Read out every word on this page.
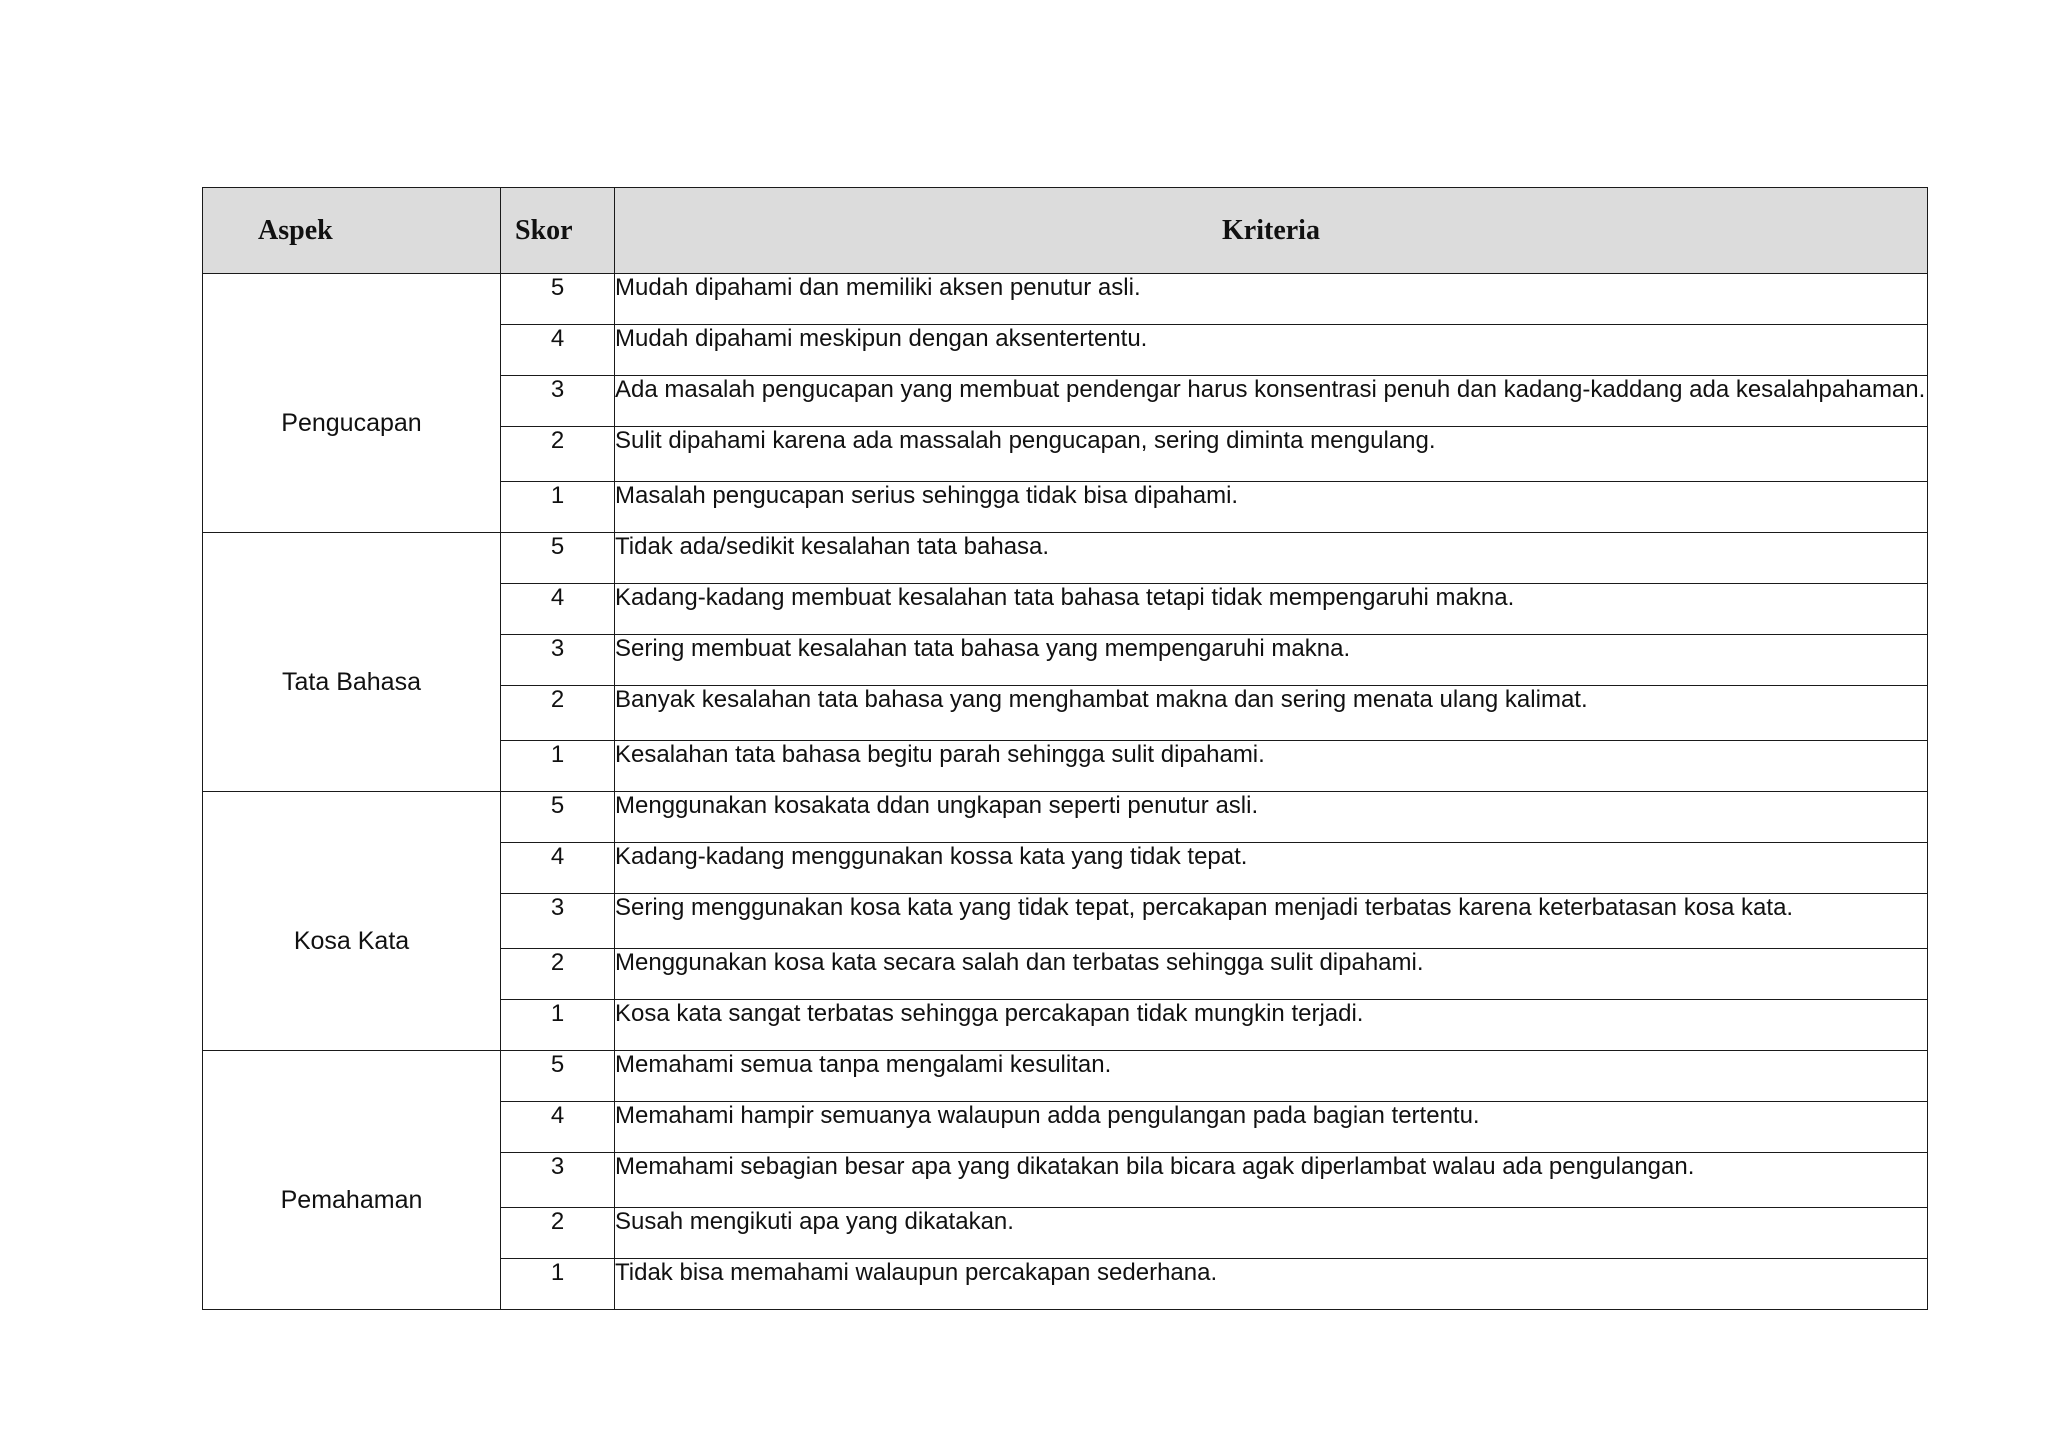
Aspek	Skor	Kriteria
Pengucapan	5	Mudah dipahami dan memiliki aksen penutur asli.
	4	Mudah dipahami meskipun dengan aksentertentu.
	3	Ada masalah pengucapan yang membuat pendengar harus konsentrasi penuh dan kadang-kaddang ada kesalahpahaman.
	2	Sulit dipahami karena ada massalah pengucapan, sering diminta mengulang.
	1	Masalah pengucapan serius sehingga tidak bisa dipahami.
Tata Bahasa	5	Tidak ada/sedikit kesalahan tata bahasa.
	4	Kadang-kadang membuat kesalahan tata bahasa tetapi tidak mempengaruhi makna.
	3	Sering membuat kesalahan tata bahasa yang mempengaruhi makna.
	2	Banyak kesalahan tata bahasa yang menghambat makna dan sering menata ulang kalimat.
	1	Kesalahan tata bahasa begitu parah sehingga sulit dipahami.
Kosa Kata	5	Menggunakan kosakata ddan ungkapan seperti penutur asli.
	4	Kadang-kadang menggunakan kossa kata yang tidak tepat.
	3	Sering menggunakan kosa kata yang tidak tepat, percakapan menjadi terbatas karena keterbatasan kosa kata.
	2	Menggunakan kosa kata secara salah dan terbatas sehingga sulit dipahami.
	1	Kosa kata sangat terbatas sehingga percakapan tidak mungkin terjadi.
Pemahaman	5	Memahami semua tanpa mengalami kesulitan.
	4	Memahami hampir semuanya walaupun adda pengulangan pada bagian tertentu.
	3	Memahami sebagian besar apa yang dikatakan bila bicara agak diperlambat walau ada pengulangan.
	2	Susah mengikuti apa yang dikatakan.
	1	Tidak bisa memahami walaupun percakapan sederhana.
